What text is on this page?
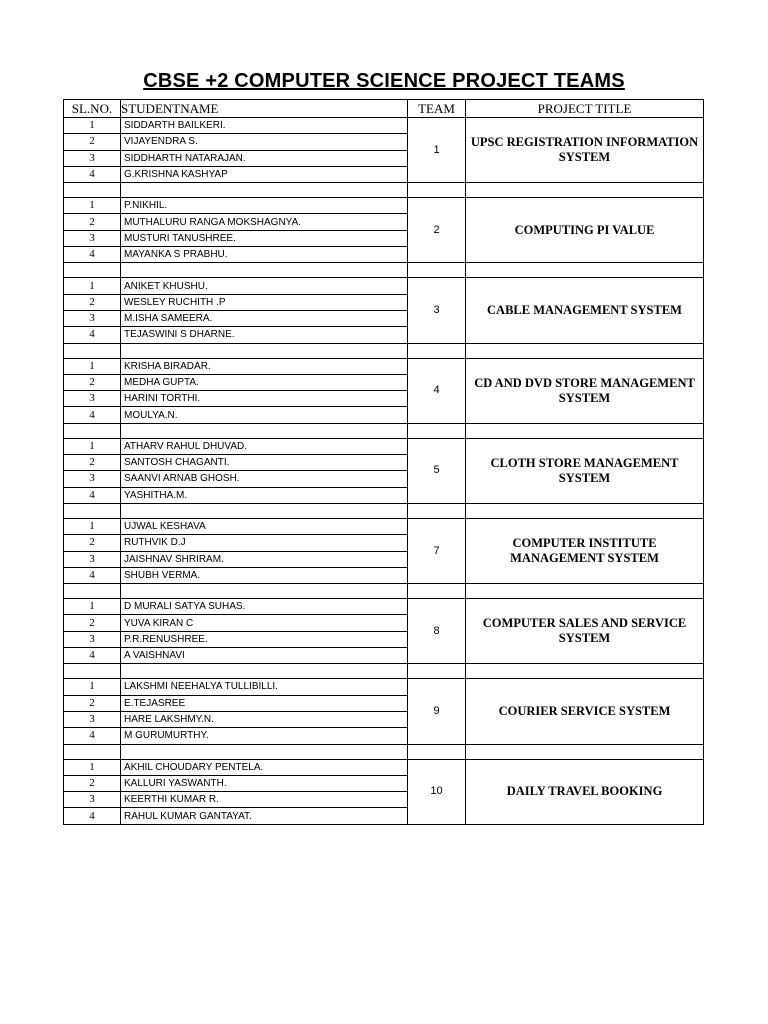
CBSE +2 COMPUTER SCIENCE PROJECT TEAMS
SL.NO.	STUDENTNAME	TEAM	PROJECT TITLE
1	SIDDARTH BAILKERI.	1	UPSC REGISTRATION INFORMATION SYSTEM
2	VIJAYENDRA S.		
3	SIDDHARTH NATARAJAN.		
4	G.KRISHNA KASHYAP		

1	P.NIKHIL.	2	COMPUTING PI VALUE
2	MUTHALURU RANGA MOKSHAGNYA.		
3	MUSTURI TANUSHREE.		
4	MAYANKA S PRABHU.		

1	ANIKET KHUSHU.	3	CABLE MANAGEMENT SYSTEM
2	WESLEY RUCHITH .P		
3	M.ISHA SAMEERA.		
4	TEJASWINI S DHARNE.		

1	KRISHA BIRADAR.	4	CD AND DVD STORE MANAGEMENT SYSTEM
2	MEDHA GUPTA.		
3	HARINI TORTHI.		
4	MOULYA.N.		

1	ATHARV RAHUL DHUVAD.	5	CLOTH STORE MANAGEMENT SYSTEM
2	SANTOSH CHAGANTI.		
3	SAANVI ARNAB GHOSH.		
4	YASHITHA.M.		

1	UJWAL KESHAVA	7	COMPUTER INSTITUTE MANAGEMENT SYSTEM
2	RUTHVIK D.J		
3	JAISHNAV SHRIRAM.		
4	SHUBH VERMA.		

1	D MURALI SATYA SUHAS.	8	COMPUTER SALES AND SERVICE SYSTEM
2	YUVA KIRAN C		
3	P.R.RENUSHREE.		
4	A VAISHNAVI		

1	LAKSHMI NEEHALYA TULLIBILLI.	9	COURIER SERVICE SYSTEM
2	E.TEJASREE		
3	HARE LAKSHMY.N.		
4	M GURUMURTHY.		

1	AKHIL CHOUDARY PENTELA.	10	DAILY TRAVEL BOOKING
2	KALLURI YASWANTH.		
3	KEERTHI KUMAR R.		
4	RAHUL KUMAR GANTAYAT.		
